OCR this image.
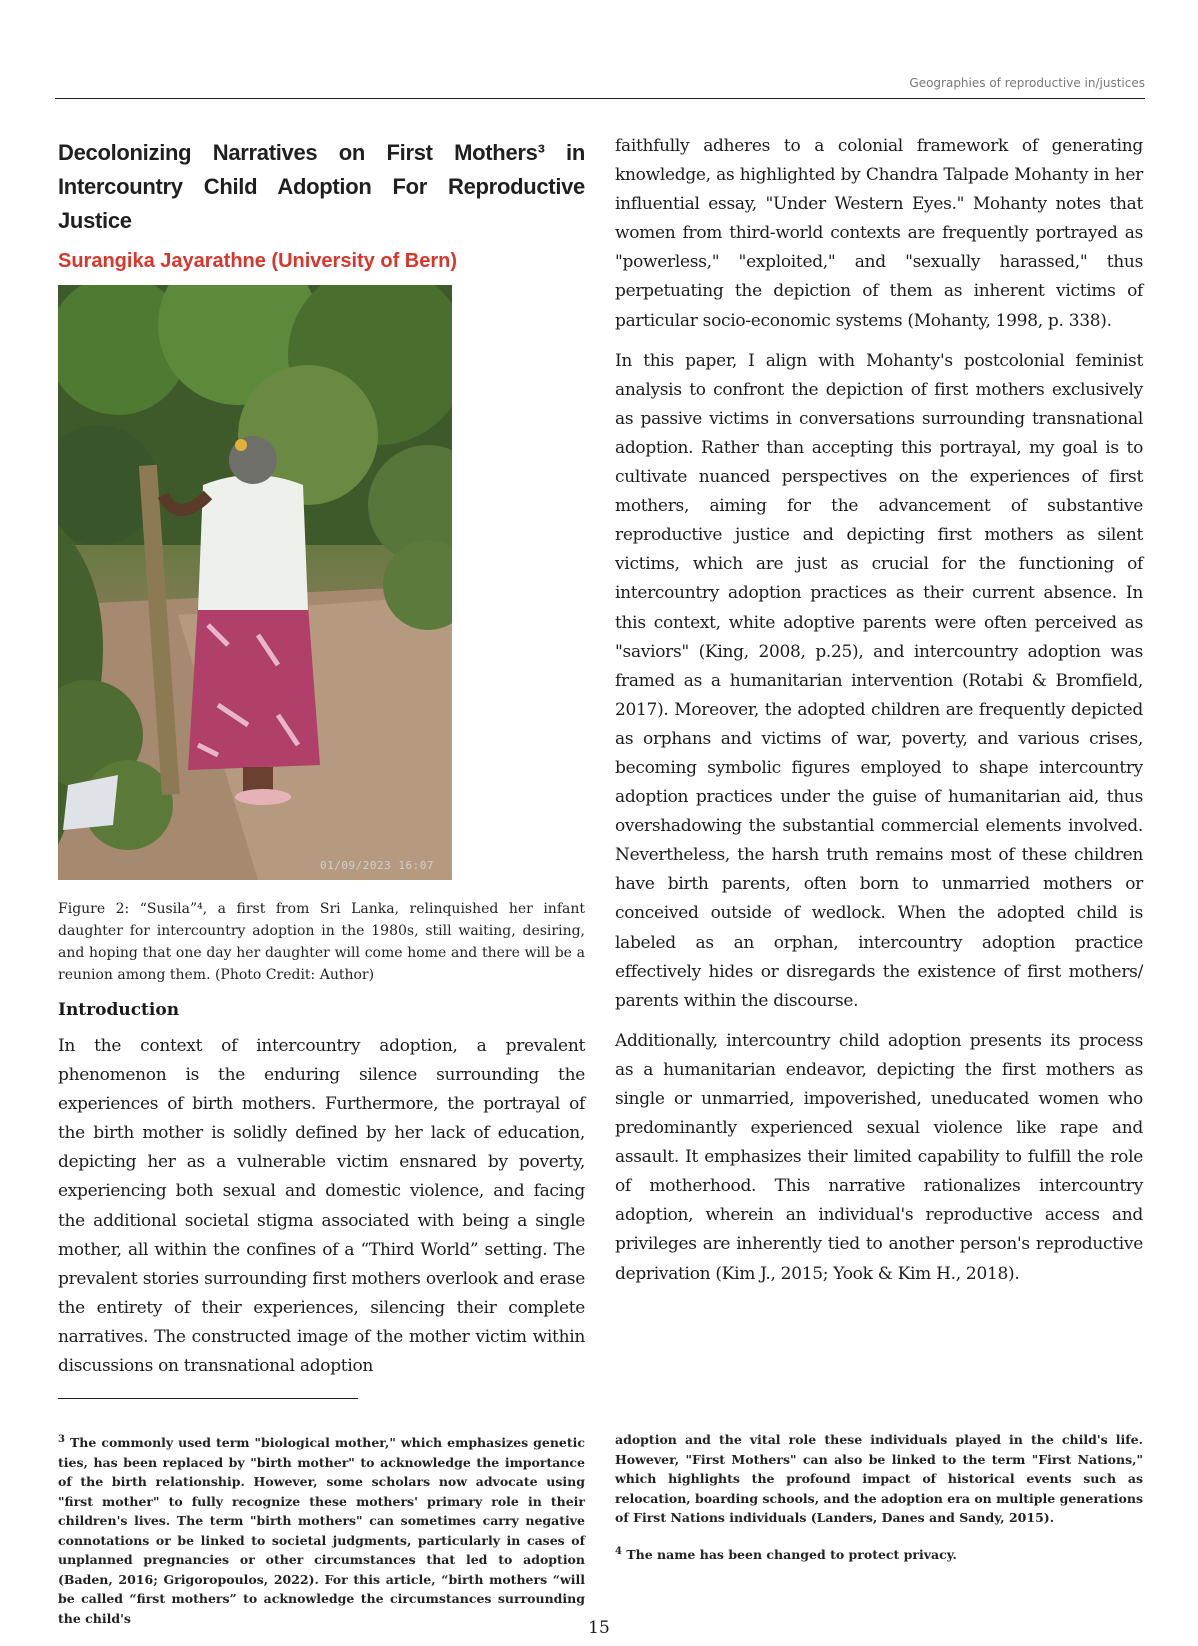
Geographies of reproductive in/justices
Decolonizing Narratives on First Mothers³ in Intercountry Child Adoption For Reproductive Justice
Surangika Jayarathne (University of Bern)
01/09/2023 16:07
Figure 2: “Susila”⁴, a first from Sri Lanka, relinquished her infant daughter for intercountry adoption in the 1980s, still waiting, desiring, and hoping that one day her daughter will come home and there will be a reunion among them. (Photo Credit: Author)
Introduction

In the context of intercountry adoption, a prevalent phenomenon is the enduring silence surrounding the experiences of birth mothers. Furthermore, the portrayal of the birth mother is solidly defined by her lack of education, depicting her as a vulnerable victim ensnared by poverty, experiencing both sexual and domestic violence, and facing the additional societal stigma associated with being a single mother, all within the confines of a “Third World” setting. The prevalent stories surrounding first mothers overlook and erase the entirety of their experiences, silencing their complete narratives. The constructed image of the mother victim within discussions on transnational adoption

faithfully adheres to a colonial framework of generating knowledge, as highlighted by Chandra Talpade Mohanty in her influential essay, "Under Western Eyes." Mohanty notes that women from third-world contexts are frequently portrayed as "powerless," "exploited," and "sexually harassed," thus perpetuating the depiction of them as inherent victims of particular socio-economic systems (Mohanty, 1998, p. 338).

In this paper, I align with Mohanty's postcolonial feminist analysis to confront the depiction of first mothers exclusively as passive victims in conversations surrounding transnational adoption. Rather than accepting this portrayal, my goal is to cultivate nuanced perspectives on the experiences of first mothers, aiming for the advancement of substantive reproductive justice and depicting first mothers as silent victims, which are just as crucial for the functioning of intercountry adoption practices as their current absence. In this context, white adoptive parents were often perceived as "saviors" (King, 2008, p.25), and intercountry adoption was framed as a humanitarian intervention (Rotabi & Bromfield, 2017). Moreover, the adopted children are frequently depicted as orphans and victims of war, poverty, and various crises, becoming symbolic figures employed to shape intercountry adoption practices under the guise of humanitarian aid, thus overshadowing the substantial commercial elements involved. Nevertheless, the harsh truth remains most of these children have birth parents, often born to unmarried mothers or conceived outside of wedlock. When the adopted child is labeled as an orphan, intercountry adoption practice effectively hides or disregards the existence of first mothers/ parents within the discourse.

Additionally, intercountry child adoption presents its process as a humanitarian endeavor, depicting the first mothers as single or unmarried, impoverished, uneducated women who predominantly experienced sexual violence like rape and assault. It emphasizes their limited capability to fulfill the role of motherhood. This narrative rationalizes intercountry adoption, wherein an individual's reproductive access and privileges are inherently tied to another person's reproductive deprivation (Kim J., 2015; Yook & Kim H., 2018).

$^3$ The commonly used term "biological mother," which emphasizes genetic ties, has been replaced by "birth mother" to acknowledge the importance of the birth relationship. However, some scholars now advocate using "first mother" to fully recognize these mothers' primary role in their children's lives. The term "birth mothers" can sometimes carry negative connotations or be linked to societal judgments, particularly in cases of unplanned pregnancies or other circumstances that led to adoption (Baden, 2016; Grigoropoulos, 2022). For this article, “birth mothers “will be called “first mothers” to acknowledge the circumstances surrounding the child's

adoption and the vital role these individuals played in the child's life. However, "First Mothers" can also be linked to the term "First Nations," which highlights the profound impact of historical events such as relocation, boarding schools, and the adoption era on multiple generations of First Nations individuals (Landers, Danes and Sandy, 2015).

$^4$ The name has been changed to protect privacy.

15
